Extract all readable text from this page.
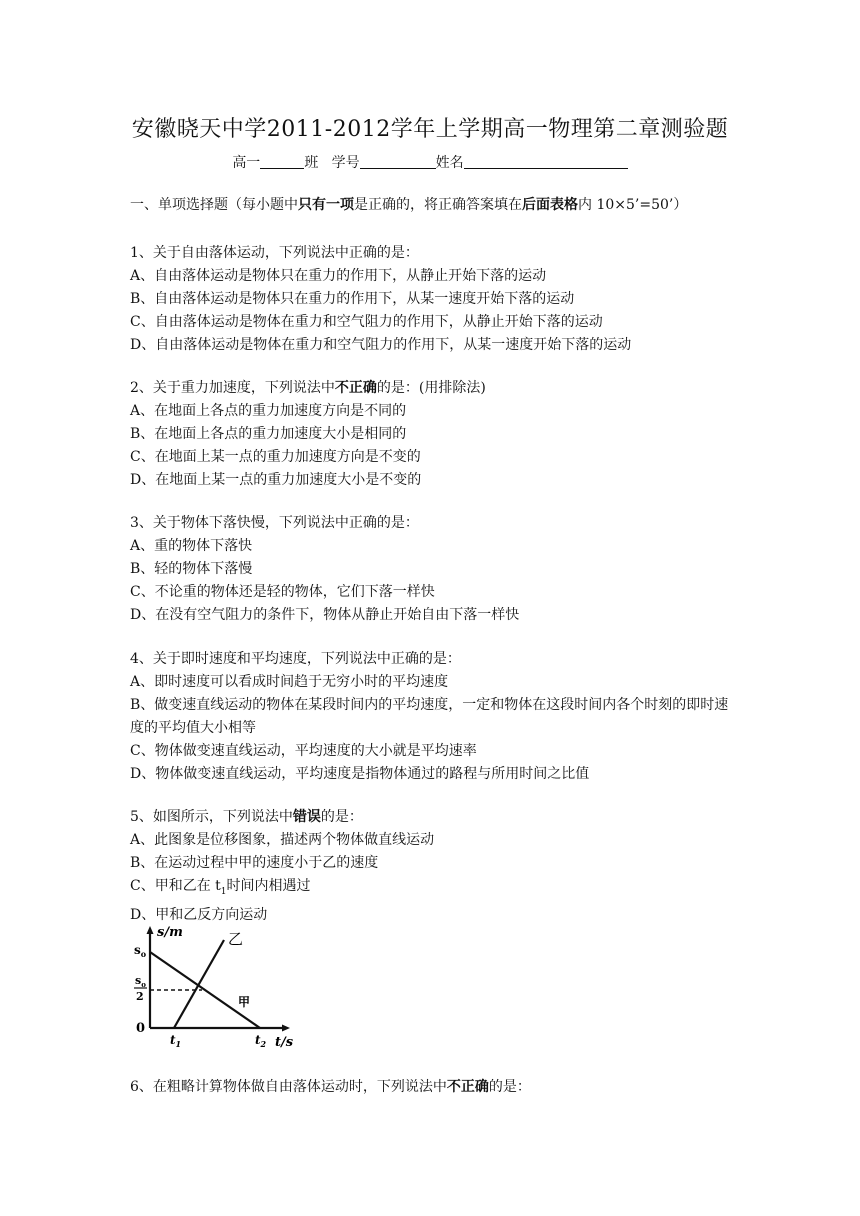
安徽晓天中学2011-2012学年上学期高一物理第二章测验题
高一	班 学号	姓名
一、单项选择题（每小题中只有一项是正确的，将正确答案填在后面表格内 10×5’=50’）
1、关于自由落体运动，下列说法中正确的是：
A、自由落体运动是物体只在重力的作用下，从静止开始下落的运动
B、自由落体运动是物体只在重力的作用下，从某一速度开始下落的运动
C、自由落体运动是物体在重力和空气阻力的作用下，从静止开始下落的运动
D、自由落体运动是物体在重力和空气阻力的作用下，从某一速度开始下落的运动
2、关于重力加速度，下列说法中不正确的是：(用排除法)
A、在地面上各点的重力加速度方向是不同的
B、在地面上各点的重力加速度大小是相同的
C、在地面上某一点的重力加速度方向是不变的
D、在地面上某一点的重力加速度大小是不变的
3、关于物体下落快慢，下列说法中正确的是：
A、重的物体下落快
B、轻的物体下落慢
C、不论重的物体还是轻的物体，它们下落一样快
D、在没有空气阻力的条件下，物体从静止开始自由下落一样快
4、关于即时速度和平均速度，下列说法中正确的是：
A、即时速度可以看成时间趋于无穷小时的平均速度
B、做变速直线运动的物体在某段时间内的平均速度，一定和物体在这段时间内各个时刻的即时速度的平均值大小相等
C、物体做变速直线运动，平均速度的大小就是平均速率
D、物体做变速直线运动，平均速度是指物体通过的路程与所用时间之比值
5、如图所示，下列说法中错误的是：
A、此图象是位移图象，描述两个物体做直线运动
B、在运动过程中甲的速度小于乙的速度
C、甲和乙在 $t_1$时间内相遇过
D、甲和乙反方向运动
s/m
t/s
0
$s_o$
$s_o$
2
$t_1$	$t_2$
乙
甲
6、在粗略计算物体做自由落体运动时，下列说法中不正确的是：
